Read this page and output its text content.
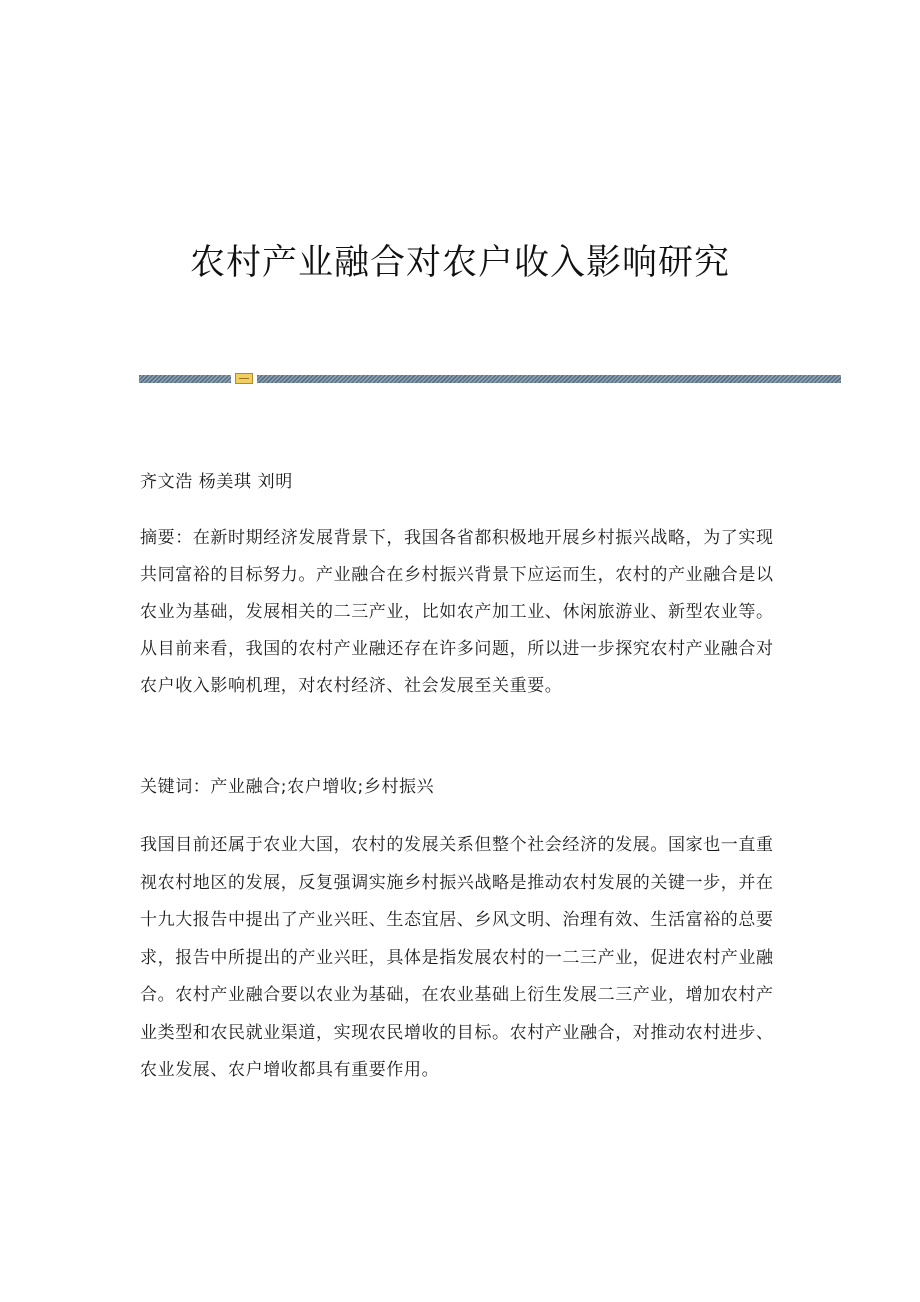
农村产业融合对农户收入影响研究
齐文浩 杨美琪 刘明
摘要：在新时期经济发展背景下，我国各省都积极地开展乡村振兴战略，为了实现共同富裕的目标努力。产业融合在乡村振兴背景下应运而生，农村的产业融合是以农业为基础，发展相关的二三产业，比如农产加工业、休闲旅游业、新型农业等。从目前来看，我国的农村产业融还存在许多问题，所以进一步探究农村产业融合对农户收入影响机理，对农村经济、社会发展至关重要。
关键词：产业融合;农户增收;乡村振兴
我国目前还属于农业大国，农村的发展关系但整个社会经济的发展。国家也一直重视农村地区的发展，反复强调实施乡村振兴战略是推动农村发展的关键一步，并在十九大报告中提出了产业兴旺、生态宜居、乡风文明、治理有效、生活富裕的总要求，报告中所提出的产业兴旺，具体是指发展农村的一二三产业，促进农村产业融合。农村产业融合要以农业为基础，在农业基础上衍生发展二三产业，增加农村产业类型和农民就业渠道，实现农民增收的目标。农村产业融合，对推动农村进步、农业发展、农户增收都具有重要作用。
